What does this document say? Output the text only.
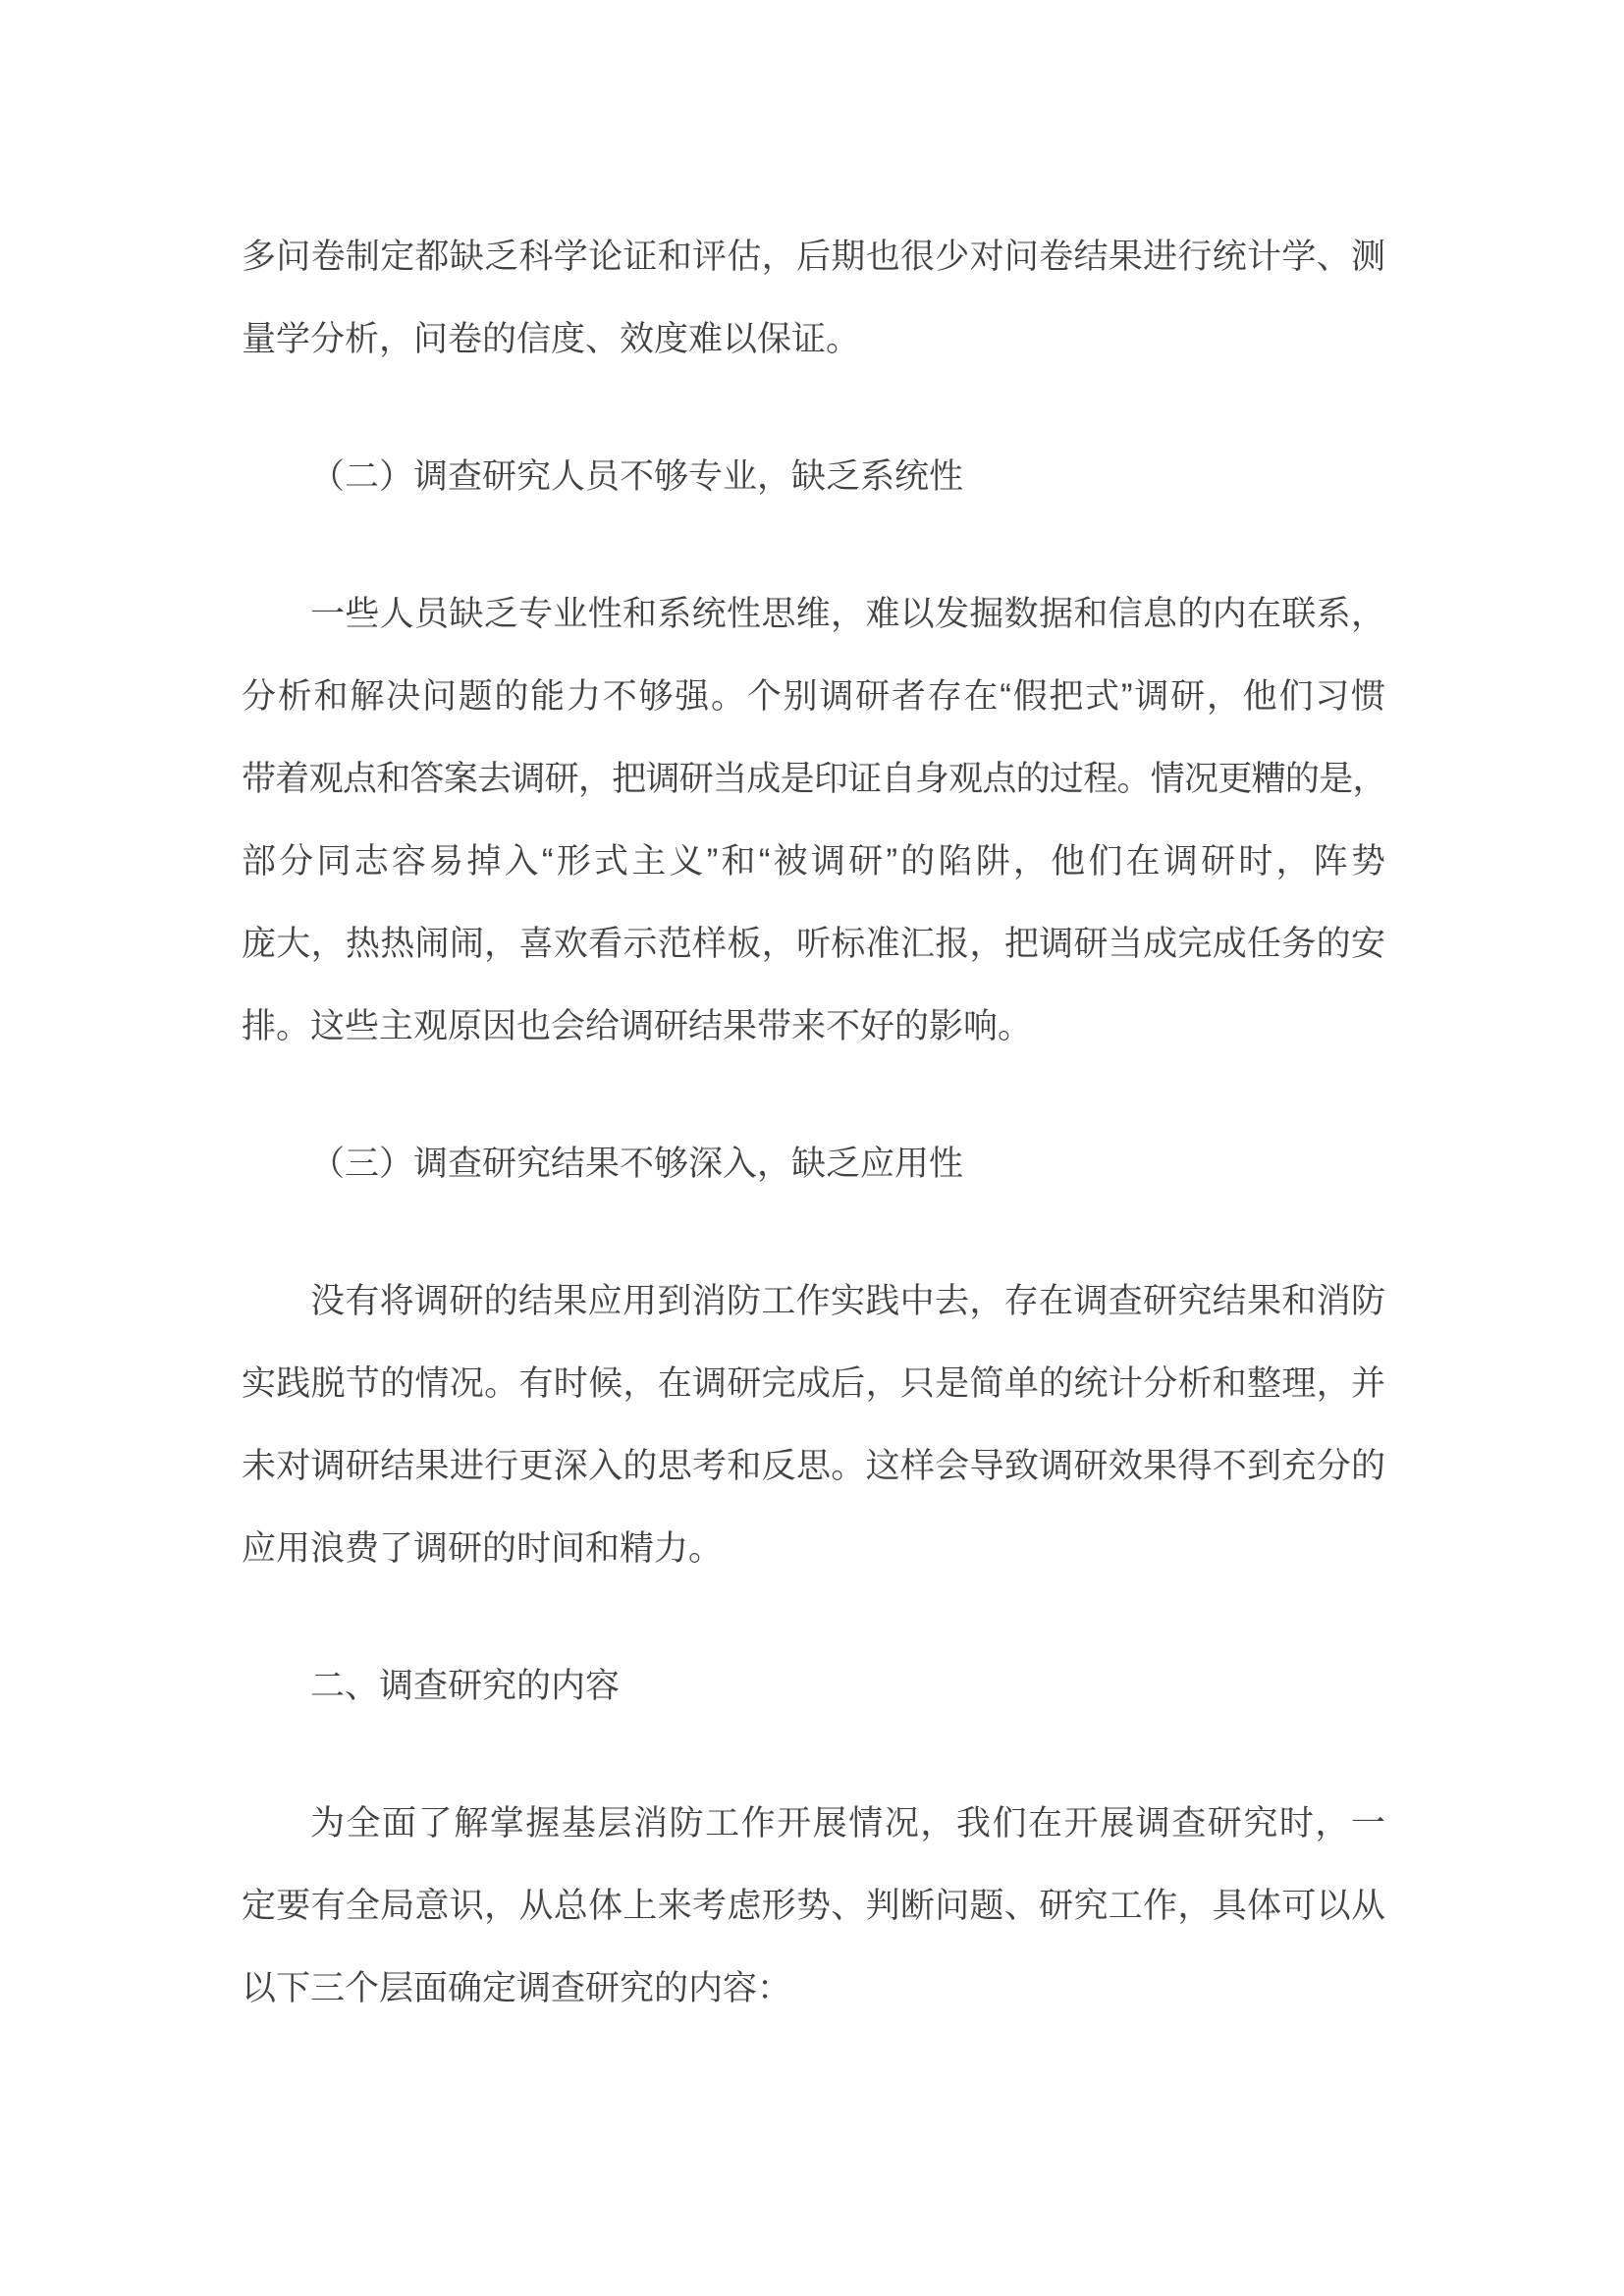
多问卷制定都缺乏科学论证和评估，后期也很少对问卷结果进行统计学、测
量学分析，问卷的信度、效度难以保证。
（二）调查研究人员不够专业，缺乏系统性
一些人员缺乏专业性和系统性思维，难以发掘数据和信息的内在联系，
分析和解决问题的能力不够强。个别调研者存在“假把式”调研，他们习惯
带着观点和答案去调研，把调研当成是印证自身观点的过程。情况更糟的是，
部分同志容易掉入“形式主义”和“被调研”的陷阱，他们在调研时，阵势
庞大，热热闹闹，喜欢看示范样板，听标准汇报，把调研当成完成任务的安
排。这些主观原因也会给调研结果带来不好的影响。
（三）调查研究结果不够深入，缺乏应用性
没有将调研的结果应用到消防工作实践中去，存在调查研究结果和消防
实践脱节的情况。有时候，在调研完成后，只是简单的统计分析和整理，并
未对调研结果进行更深入的思考和反思。这样会导致调研效果得不到充分的
应用浪费了调研的时间和精力。
二、调查研究的内容
为全面了解掌握基层消防工作开展情况，我们在开展调查研究时，一
定要有全局意识，从总体上来考虑形势、判断问题、研究工作，具体可以从
以下三个层面确定调查研究的内容：
